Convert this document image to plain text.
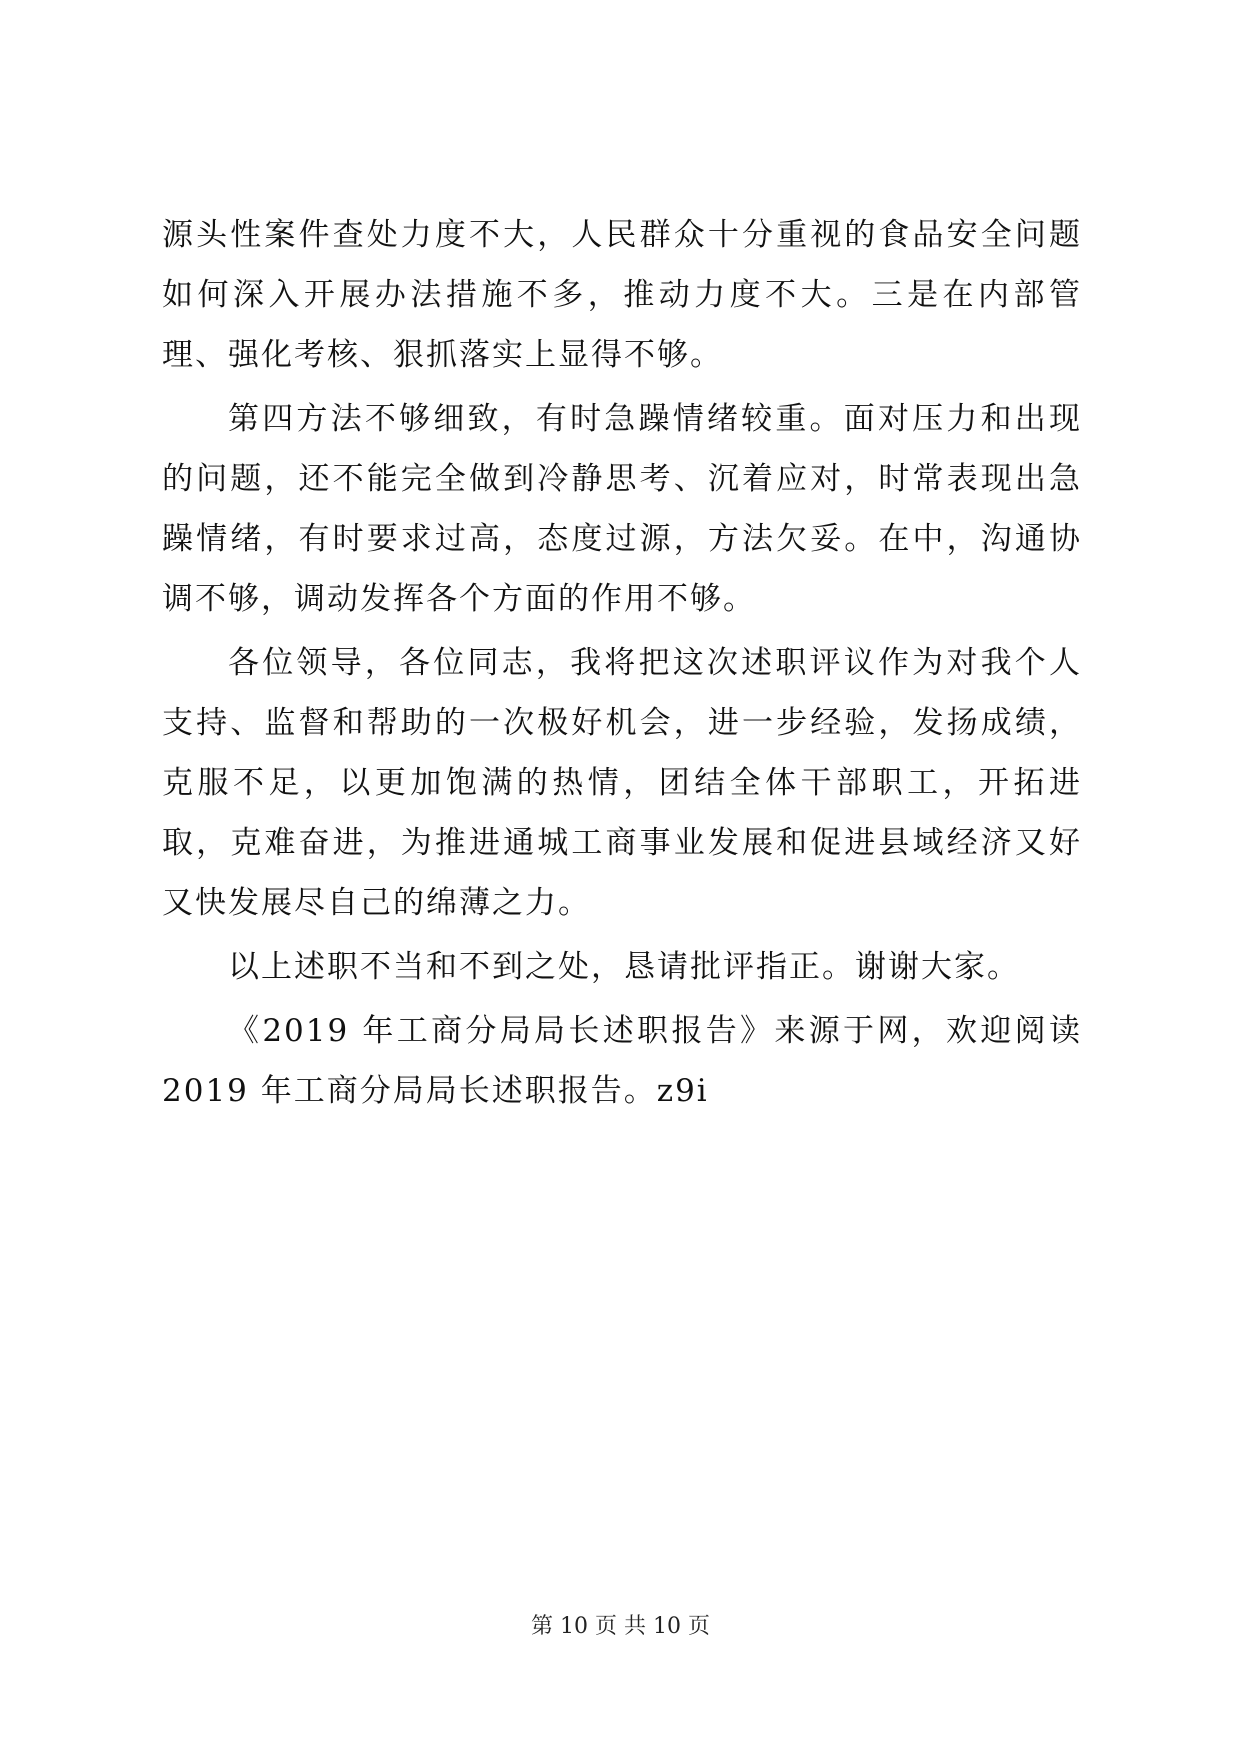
源头性案件查处力度不大，人民群众十分重视的食品安全问题如何深入开展办法措施不多，推动力度不大。三是在内部管理、强化考核、狠抓落实上显得不够。

第四方法不够细致，有时急躁情绪较重。面对压力和出现的问题，还不能完全做到冷静思考、沉着应对，时常表现出急躁情绪，有时要求过高，态度过源，方法欠妥。在中，沟通协调不够，调动发挥各个方面的作用不够。

各位领导，各位同志，我将把这次述职评议作为对我个人支持、监督和帮助的一次极好机会，进一步经验，发扬成绩，克服不足，以更加饱满的热情，团结全体干部职工，开拓进取，克难奋进，为推进通城工商事业发展和促进县域经济又好又快发展尽自己的绵薄之力。

以上述职不当和不到之处，恳请批评指正。谢谢大家。

《2019 年工商分局局长述职报告》来源于网，欢迎阅读 2019 年工商分局局长述职报告。z9i

第 10 页 共 10 页
